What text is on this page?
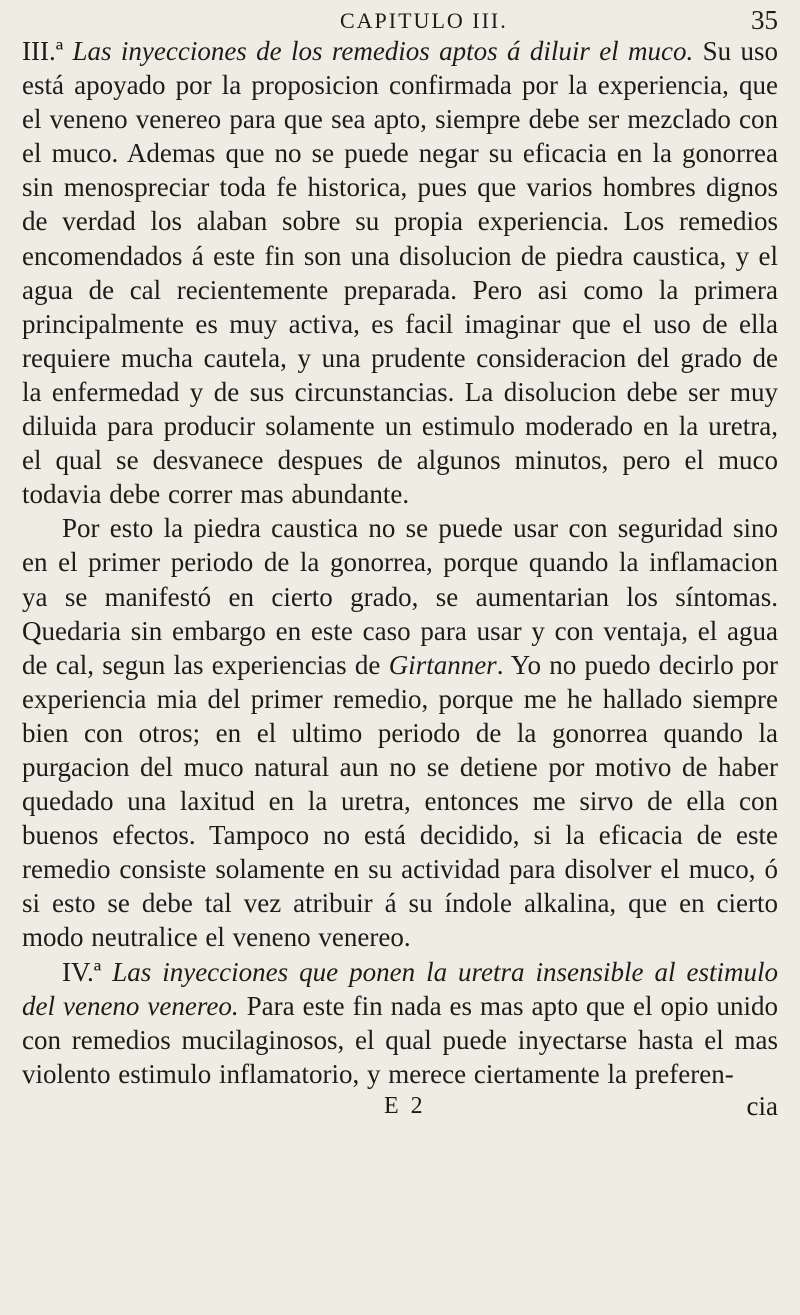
CAPITULO III.	35

III.ª Las inyecciones de los remedios aptos á diluir el muco. Su uso está apoyado por la proposicion confirmada por la experiencia, que el veneno venereo para que sea apto, siempre debe ser mezclado con el muco. Ademas que no se puede negar su eficacia en la gonorrea sin menospreciar toda fe historica, pues que varios hombres dignos de verdad los alaban sobre su propia experiencia. Los remedios encomendados á este fin son una disolucion de piedra caustica, y el agua de cal recientemente preparada. Pero asi como la primera principalmente es muy activa, es facil imaginar que el uso de ella requiere mucha cautela, y una prudente consideracion del grado de la enfermedad y de sus circunstancias. La disolucion debe ser muy diluida para producir solamente un estimulo moderado en la uretra, el qual se desvanece despues de algunos minutos, pero el muco todavia debe correr mas abundante.

Por esto la piedra caustica no se puede usar con seguridad sino en el primer periodo de la gonorrea, porque quando la inflamacion ya se manifestó en cierto grado, se aumentarian los síntomas. Quedaria sin embargo en este caso para usar y con ventaja, el agua de cal, segun las experiencias de Girtanner. Yo no puedo decirlo por experiencia mia del primer remedio, porque me he hallado siempre bien con otros; en el ultimo periodo de la gonorrea quando la purgacion del muco natural aun no se detiene por motivo de haber quedado una laxitud en la uretra, entonces me sirvo de ella con buenos efectos. Tampoco no está decidido, si la eficacia de este remedio consiste solamente en su actividad para disolver el muco, ó si esto se debe tal vez atribuir á su índole alkalina, que en cierto modo neutralice el veneno venereo.

IV.ª Las inyecciones que ponen la uretra insensible al estimulo del veneno venereo. Para este fin nada es mas apto que el opio unido con remedios mucilaginosos, el qual puede inyectarse hasta el mas violento estimulo inflamatorio, y merece ciertamente la preferen-

E 2	cia
